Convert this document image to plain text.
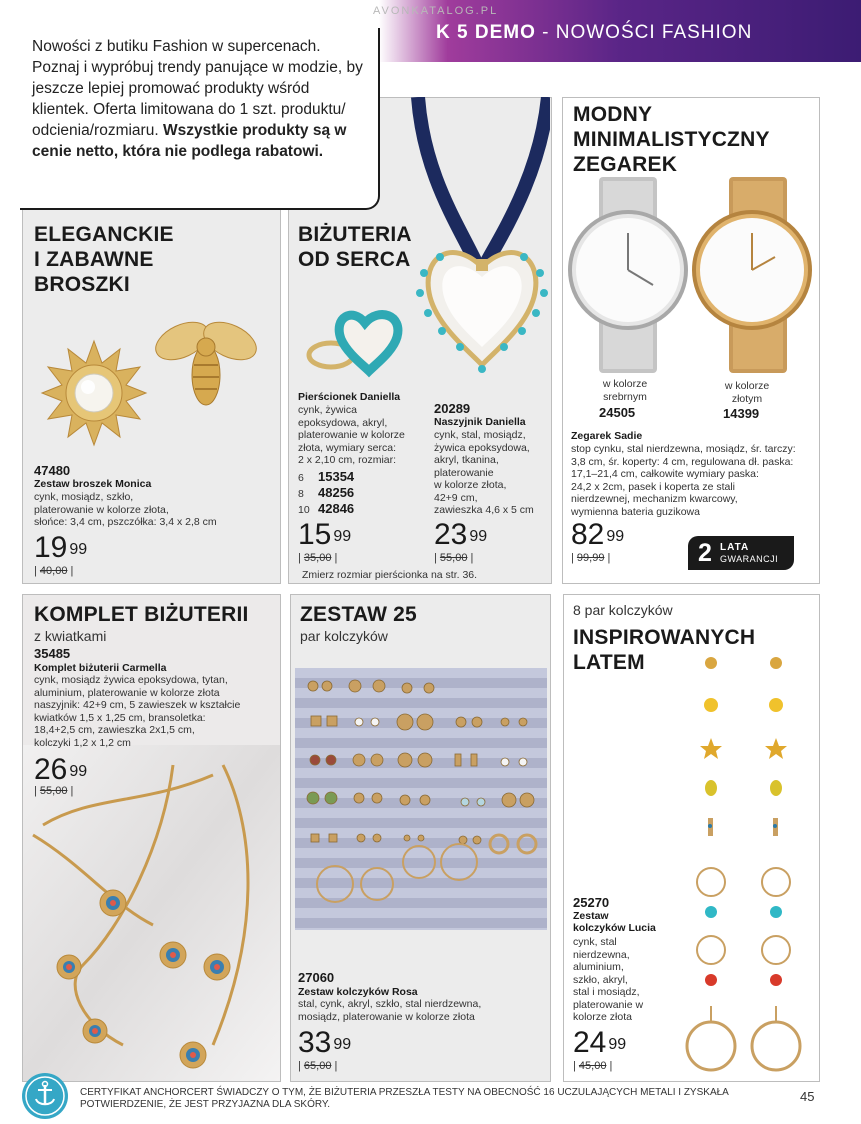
AVONKATALOG.PL
K 5 DEMO - NOWOŚCI FASHION
Nowości z butiku Fashion w supercenach. Poznaj i wypróbuj trendy panujące w modzie, by jeszcze lepiej promować produkty wśród klientek. Oferta limitowana do 1 szt. produktu/ odcienia/rozmiaru. Wszystkie produkty są w cenie netto, która nie podlega rabatowi.
ELEGANCKIE
I ZABAWNE
BROSZKI
47480
Zestaw broszek Monica
cynk, mosiądz, szkło,
platerowanie w kolorze złota,
słońce: 3,4 cm, pszczółka: 3,4 x 2,8 cm
19 $^{99}$
| 40,00 |
BIŻUTERIA
OD SERCA
Pierścionek Daniella
cynk, żywica
epoksydowa, akryl,
platerowanie w kolorze
złota, wymiary serca:
2 x 2,10 cm, rozmiar:
6 15354
8 48256
10 42846
15 $^{99}$
| 35,00 |
20289
Naszyjnik Daniella
cynk, stal, mosiądz,
żywica epoksydowa,
akryl, tkanina,
platerowanie
w kolorze złota,
42+9 cm,
zawieszka 4,6 x 5 cm
23 $^{99}$
| 55,00 |
Zmierz rozmiar pierścionka na str. 36.
MODNY
MINIMALISTYCZNY
ZEGAREK
w kolorze
srebrnym
24505
w kolorze
złotym
14399
Zegarek Sadie
stop cynku, stal nierdzewna, mosiądz, śr. tarczy:
3,8 cm, śr. koperty: 4 cm, regulowana dł. paska:
17,1–21,4 cm, całkowite wymiary paska:
24,2 x 2cm, pasek i koperta ze stali
nierdzewnej, mechanizm kwarcowy,
wymienna bateria guzikowa
82 $^{99}$
| 99,99 |	2 LATA
GWARANCJI
KOMPLET BIŻUTERII
z kwiatkami
35485
Komplet biżuterii Carmella
cynk, mosiądz żywica epoksydowa, tytan,
aluminium, platerowanie w kolorze złota
naszyjnik: 42+9 cm, 5 zawieszek w kształcie
kwiatków 1,5 x 1,25 cm, bransoletka:
18,4+2,5 cm, zawieszka 2x1,5 cm,
kolczyki 1,2 x 1,2 cm
26 $^{99}$
| 55,00 |
ZESTAW 25
par kolczyków
27060
Zestaw kolczyków Rosa
stal, cynk, akryl, szkło, stal nierdzewna,
mosiądz, platerowanie w kolorze złota
33 $^{99}$
| 65,00 |
8 par kolczyków
INSPIROWANYCH
LATEM
25270
Zestaw
kolczyków Lucia
cynk, stal
nierdzewna,
aluminium,
szkło, akryl,
stal i mosiądz,
platerowanie w
kolorze złota
24 $^{99}$
| 45,00 |
CERTYFIKAT ANCHORCERT ŚWIADCZY O TYM, ŻE BIŻUTERIA PRZESZŁA TESTY NA OBECNOŚĆ 16 UCZULAJĄCYCH METALI I ZYSKAŁA POTWIERDZENIE, ŻE JEST PRZYJAZNA DLA SKÓRY.
45
